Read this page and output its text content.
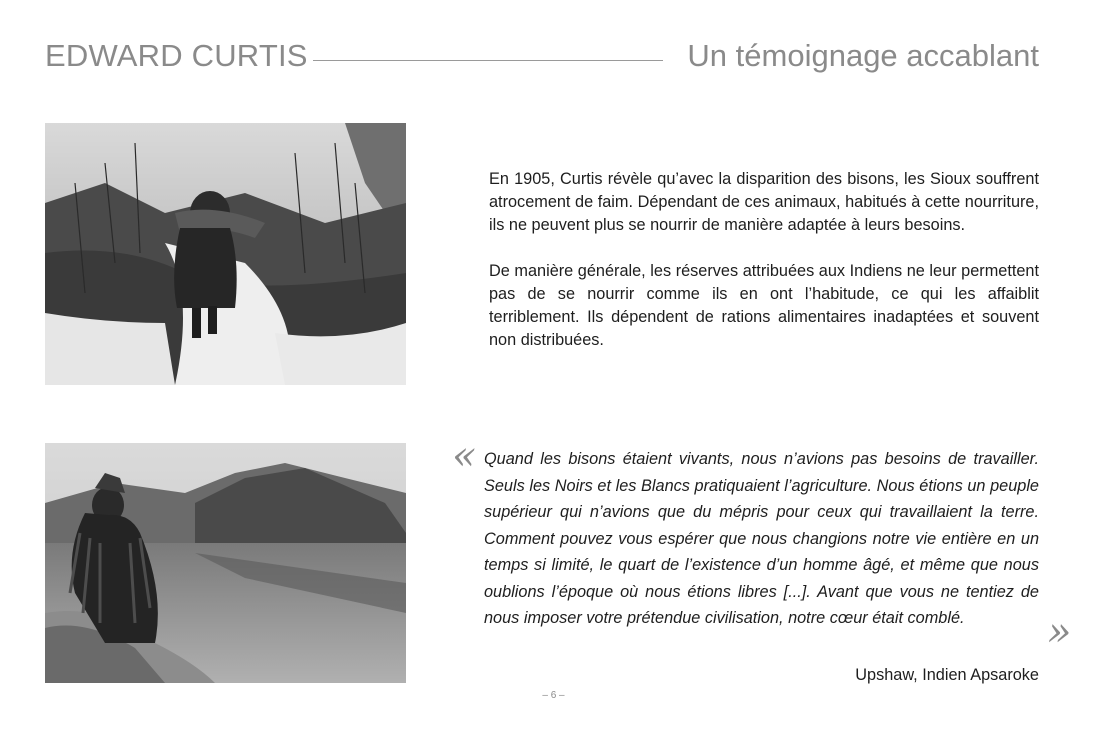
EDWARD CURTIS	Un témoignage accablant
En 1905, Curtis révèle qu’avec la disparition des bisons, les Sioux souffrent atrocement de faim. Dépendant de ces animaux, habitués à cette nourriture, ils ne peuvent plus se nourrir de manière adaptée à leurs besoins.
De manière générale, les réserves attribuées aux Indiens ne leur permettent pas de se nourrir comme ils en ont l’habitude, ce qui les affaiblit terriblement. Ils dépendent de rations alimentaires inadaptées et souvent non distribuées.
« Quand les bisons étaient vivants, nous n’avions pas besoins de travailler. Seuls les Noirs et les Blancs pratiquaient l’agriculture. Nous étions un peuple supérieur qui n’avions que du mépris pour ceux qui travaillaient la terre. Comment pouvez vous espérer que nous changions notre vie entière en un temps si limité, le quart de l’existence d’un homme âgé, et même que nous oublions l’époque où nous étions libres [...]. Avant que vous ne tentiez de nous imposer votre prétendue civilisation, notre cœur était comblé.	»
Upshaw, Indien Apsaroke
– 6 –
